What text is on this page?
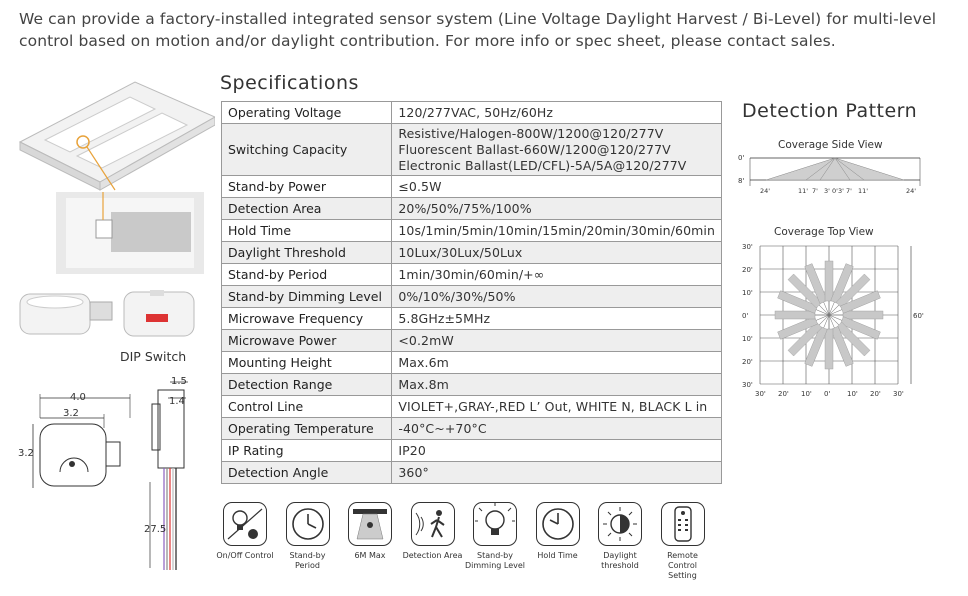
We can provide a factory-installed integrated sensor system (Line Voltage Daylight Harvest / Bi-Level) for multi-level control based on motion and/or daylight contribution. For more info or spec sheet, please contact sales.
DIP Switch
4.0
3.2
3.2
1.5
1.4
27.5
Specifications
Operating Voltage	120/277VAC, 50Hz/60Hz
Switching Capacity	Resistive/Halogen-800W/1200@120/277V
Fluorescent Ballast-660W/1200@120/277V
Electronic Ballast(LED/CFL)-5A/5A@120/277V

Stand-by Power	≤0.5W
Detection Area	20%/50%/75%/100%
Hold Time	10s/1min/5min/10min/15min/20min/30min/60min
Daylight Threshold	10Lux/30Lux/50Lux
Stand-by Period	1min/30min/60min/+∞
Stand-by Dimming Level	0%/10%/30%/50%
Microwave Frequency	5.8GHz±5MHz
Microwave Power	<0.2mW
Mounting Height	Max.6m
Detection Range	Max.8m
Control Line	VIOLET+,GRAY-,RED L’ Out, WHITE N, BLACK L in
Operating Temperature	-40°C~+70°C
IP Rating	IP20
Detection Angle	360°
Detection Pattern
Coverage Side View
0'
8'
24'	11' 7' 3' 0' 3' 7' 11'	24'
Coverage Top View
30'
20'
10'
0'
10'
20'
30'
30' 20' 10' 0' 10' 20' 30'
60'
On/Off Control	Stand-by Period
6M Max	Detection Area	Stand-by Dimming Level
Hold Time	Daylight threshold
Remote Control Setting
